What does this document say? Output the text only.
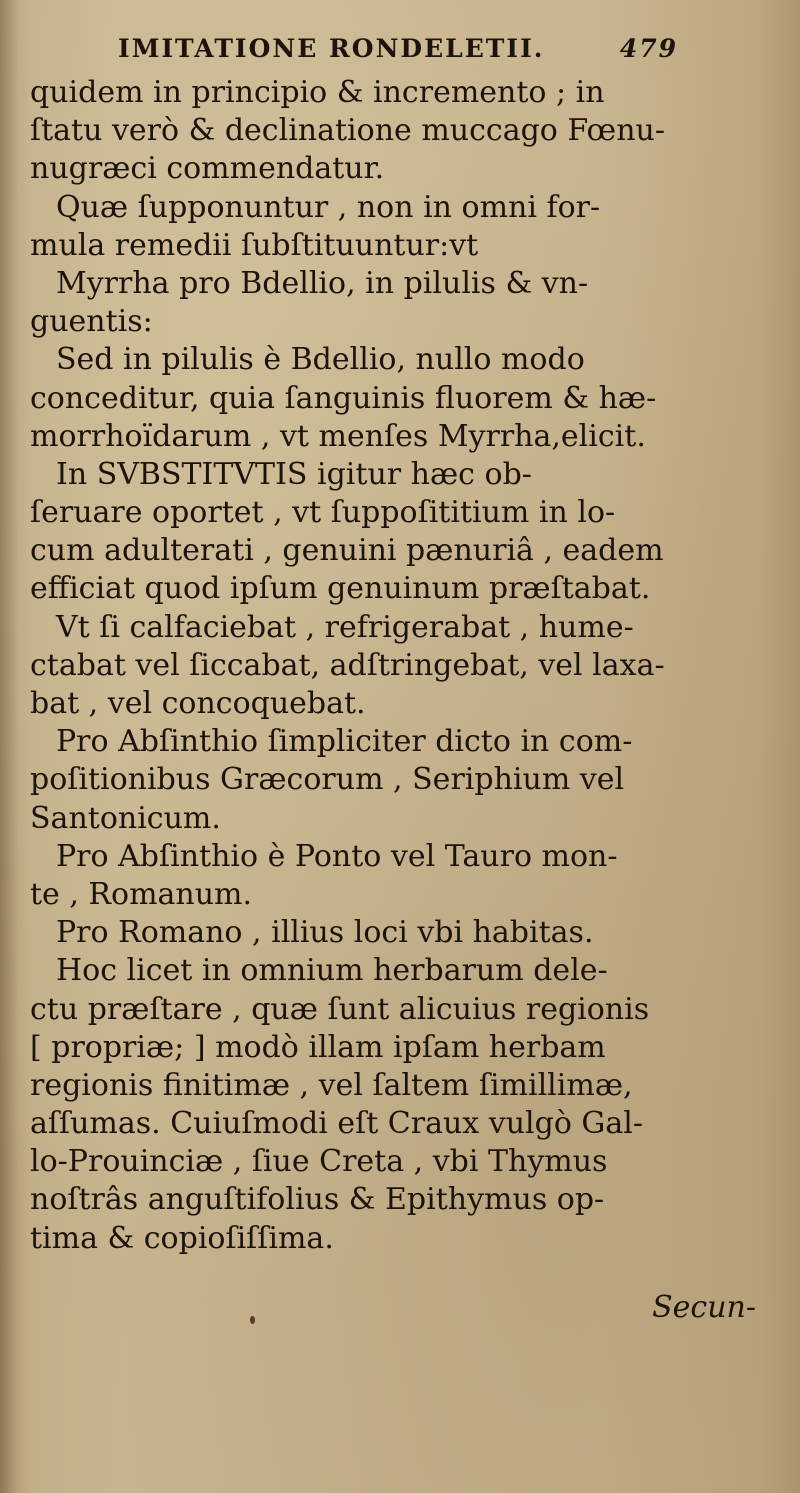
IMITATIONE RONDELETII.	479
quidem in principio & incremento ; in
ſtatu verò & declinatione muccago Fœnu-
nugræci commendatur.
Quæ ſupponuntur , non in omni for-
mula remedii ſubſtituuntur:vt
Myrrha pro Bdellio, in pilulis & vn-
guentis:
Sed in pilulis è Bdellio, nullo modo
conceditur, quia ſanguinis fluorem & hæ-
morrhoïdarum , vt menſes Myrrha,elicit.
In SVBSTITVTIS igitur hæc ob-
ſeruare oportet , vt ſuppoſititium in lo-
cum adulterati , genuini pænuriâ , eadem
efficiat quod ipſum genuinum præſtabat.
Vt ſi calfaciebat , refrigerabat , hume-
ctabat vel ſiccabat, adſtringebat, vel laxa-
bat , vel concoquebat.
Pro Abſinthio ſimpliciter dicto in com-
poſitionibus Græcorum , Seriphium vel
Santonicum.
Pro Abſinthio è Ponto vel Tauro mon-
te , Romanum.
Pro Romano , illius loci vbi habitas.
Hoc licet in omnium herbarum dele-
ctu præſtare , quæ ſunt alicuius regionis
[ propriæ; ] modò illam ipſam herbam
regionis finitimæ , vel ſaltem ſimillimæ,
aſſumas. Cuiuſmodi eſt Craux vulgò Gal-
lo-Prouinciæ , ſiue Creta , vbi Thymus
noſtrâs anguſtifolius & Epithymus op-
tima & copioſiſſima.
Secun-
